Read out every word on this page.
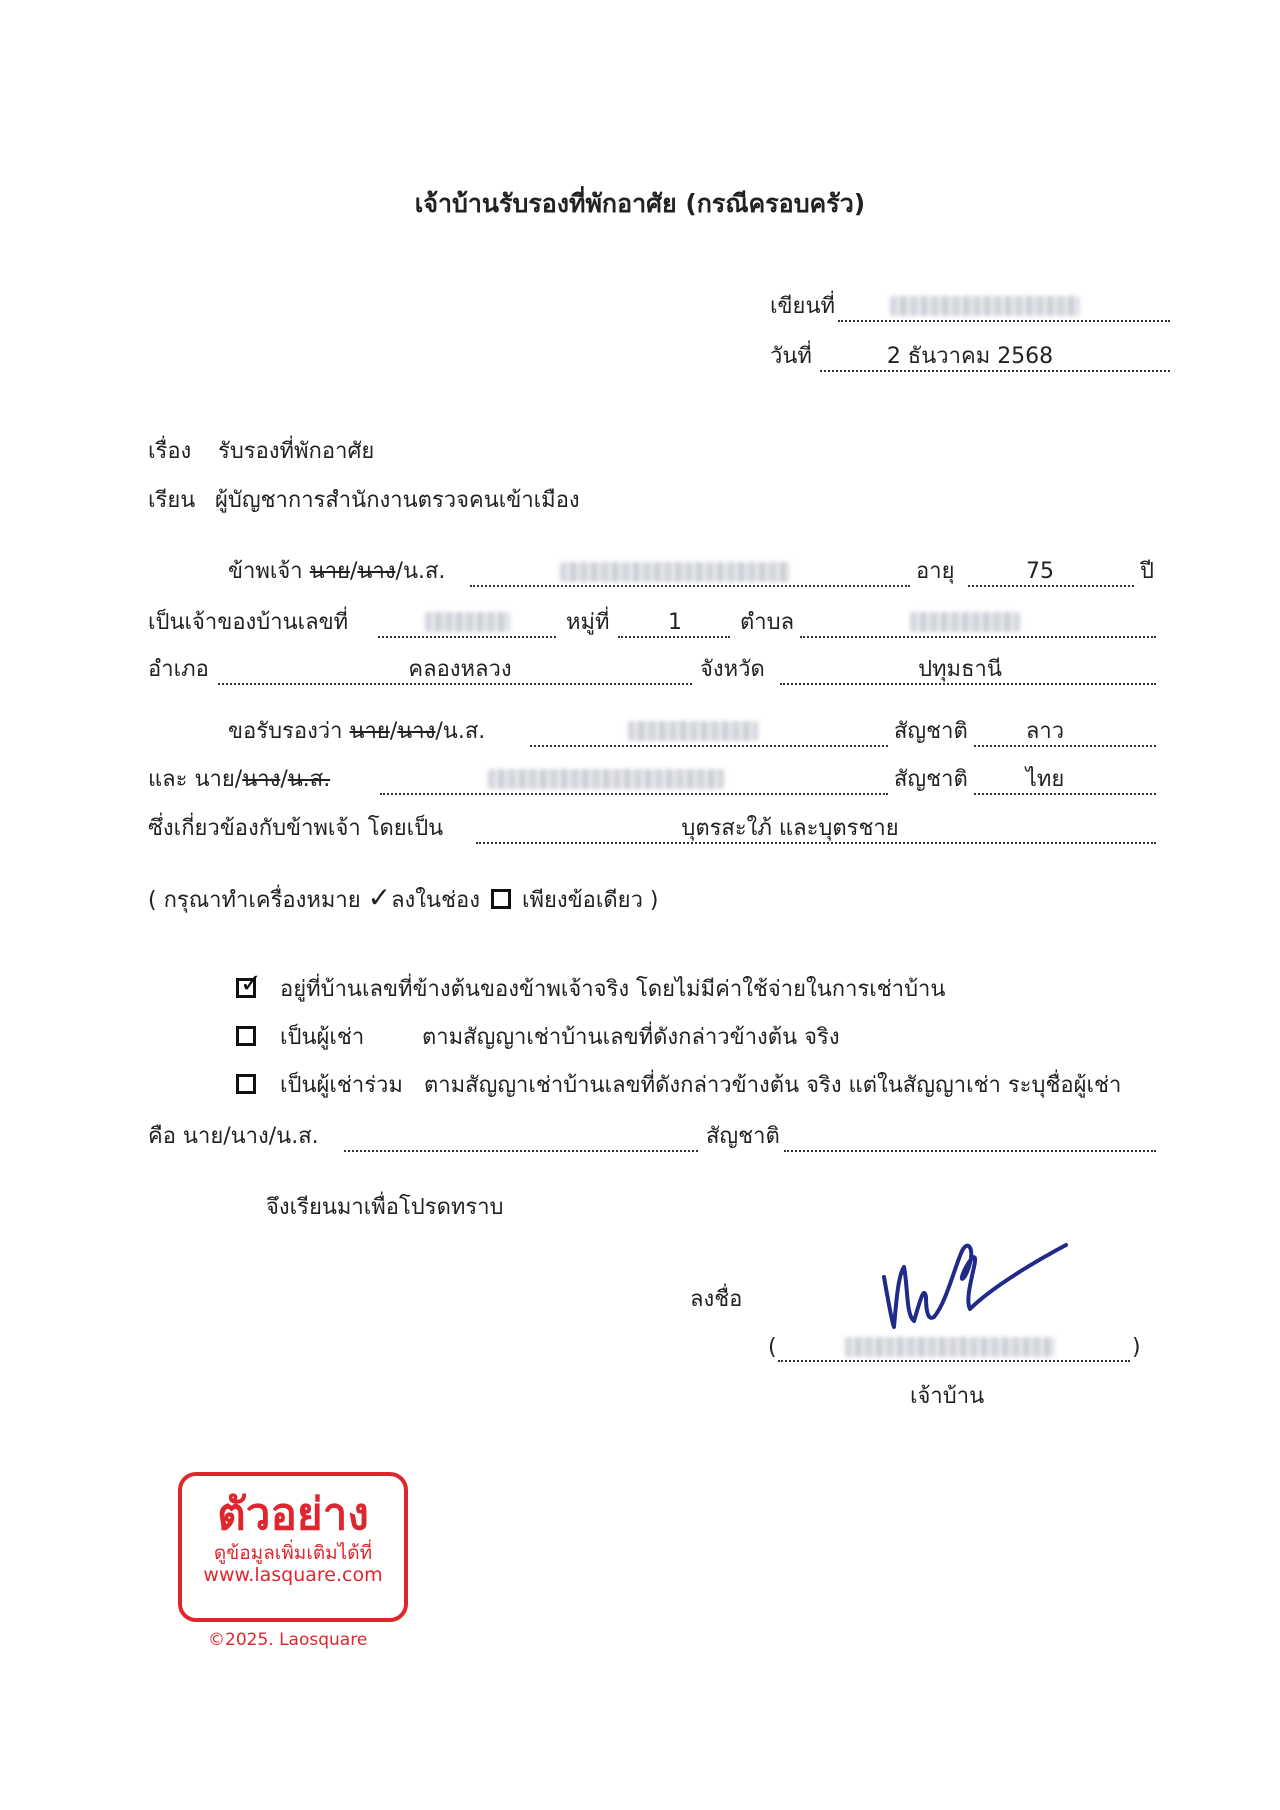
เจ้าบ้านรับรองที่พักอาศัย (กรณีครอบครัว)
เขียนที่
วันที่	2 ธันวาคม 2568
เรื่อง รับรองที่พักอาศัย
เรียน ผู้บัญชาการสำนักงานตรวจคนเข้าเมือง
ข้าพเจ้า นาย/นาง/น.ส.	อายุ	75	ปี
เป็นเจ้าของบ้านเลขที่	หมู่ที่	1	ตำบล
อำเภอ	คลองหลวง	จังหวัด	ปทุมธานี
ขอรับรองว่า นาย/นาง/น.ส.	สัญชาติ	ลาว
และ นาย/นาง/น.ส.	สัญชาติ	ไทย
ซึ่งเกี่ยวข้องกับข้าพเจ้า โดยเป็น	บุตรสะใภ้ และบุตรชาย
( กรุณาทำเครื่องหมาย ✓ลงในช่อง เพียงข้อเดียว )
✓ อยู่ที่บ้านเลขที่ข้างต้นของข้าพเจ้าจริง โดยไม่มีค่าใช้จ่ายในการเช่าบ้าน
เป็นผู้เช่า	ตามสัญญาเช่าบ้านเลขที่ดังกล่าวข้างต้น จริง
เป็นผู้เช่าร่วม ตามสัญญาเช่าบ้านเลขที่ดังกล่าวข้างต้น จริง แต่ในสัญญาเช่า ระบุชื่อผู้เช่า
คือ นาย/นาง/น.ส.	สัญชาติ
จึงเรียนมาเพื่อโปรดทราบ
ลงชื่อ
(	)
เจ้าบ้าน
ตัวอย่าง
ดูข้อมูลเพิ่มเติมได้ที่
www.lasquare.com
©2025. Laosquare
